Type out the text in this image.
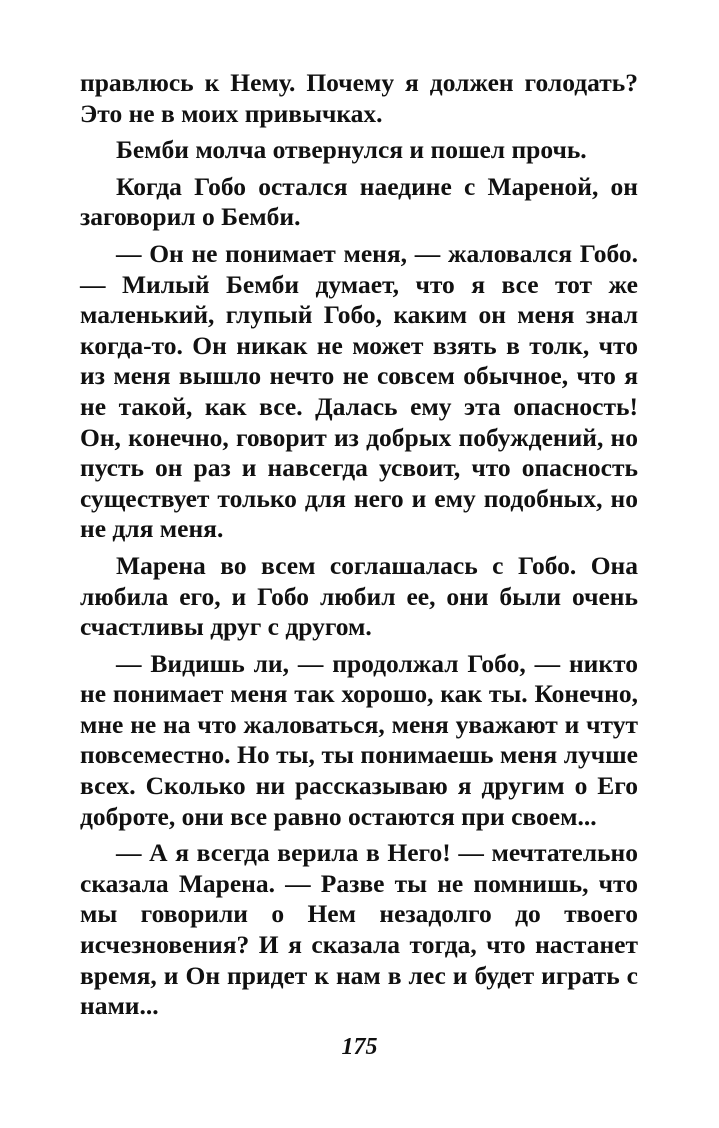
правлюсь к Нему. Почему я должен голодать? Это не в моих привычках.

Бемби молча отвернулся и пошел прочь.

Когда Гобо остался наедине с Мареной, он заговорил о Бемби.

— Он не понимает меня, — жаловался Гобо. — Милый Бемби думает, что я все тот же маленький, глупый Гобо, каким он меня знал когда-то. Он никак не может взять в толк, что из меня вышло нечто не совсем обычное, что я не такой, как все. Далась ему эта опасность! Он, конечно, говорит из добрых побуждений, но пусть он раз и навсегда усвоит, что опасность существует только для него и ему подобных, но не для меня.

Марена во всем соглашалась с Гобо. Она любила его, и Гобо любил ее, они были очень счастливы друг с другом.

— Видишь ли, — продолжал Гобо, — никто не понимает меня так хорошо, как ты. Конечно, мне не на что жаловаться, меня уважают и чтут повсеместно. Но ты, ты понимаешь меня лучше всех. Сколько ни рассказываю я другим о Его доброте, они все равно остаются при своем...

— А я всегда верила в Него! — мечтательно сказала Марена. — Разве ты не помнишь, что мы говорили о Нем незадолго до твоего исчезновения? И я сказала тогда, что настанет время, и Он придет к нам в лес и будет играть с нами...

175
